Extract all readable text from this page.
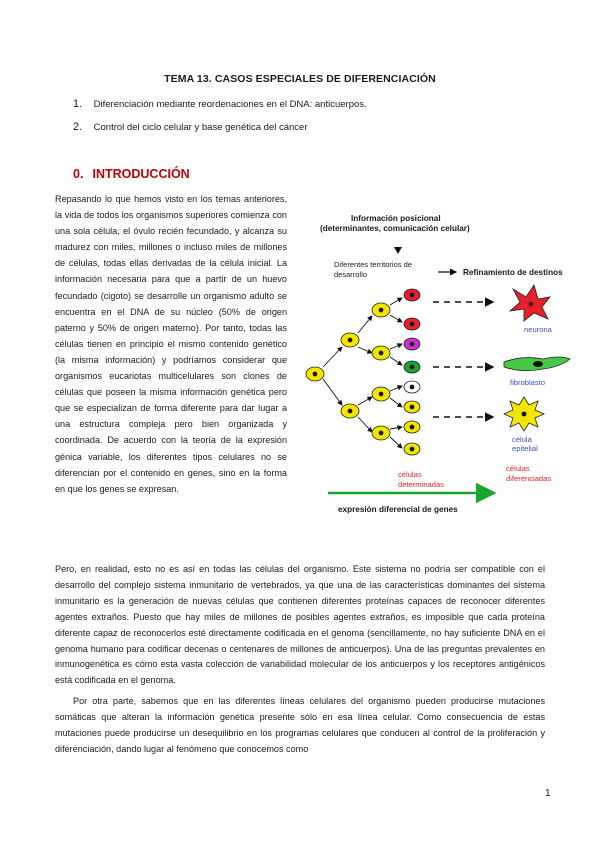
TEMA 13. CASOS ESPECIALES DE DIFERENCIACIÓN
1. Diferenciación mediante reordenaciones en el DNA: anticuerpos.
2. Control del ciclo celular y base genética del cáncer
0. INTRODUCCIÓN

Repasando lo que hemos visto en los temas anteriores, la vida de todos los organismos superiores comienza con una sola célula, el óvulo recién fecundado, y alcanza su madurez con miles, millones o incluso miles de millones de células, todas ellas derivadas de la célula inicial. La información necesaria para que a partir de un huevo fecundado (cigoto) se desarrolle un organismo adulto se encuentra en el DNA de su núcleo (50% de origen paterno y 50% de origen materno). Por tanto, todas las células tienen en principio el mismo contenido genético (la misma información) y podríamos considerar que organismos eucariotas multicelulares son clones de células que poseen la misma información genética pero que se especializan de forma diferente para dar lugar a una estructura compleja pero bien organizada y coordinada. De acuerdo con la teoría de la expresión génica variable, los diferentes tipos celulares no se diferencian por el contenido en genes, sino en la forma en que los genes se expresan.

Información posicional
(determinantes, comunicación celular)
Diferentes territorios de
desarrollo	Refinamiento de destinos
neurona
fibroblasto
célula
epitelial
células
determinadas
células
diferenciadas
expresión diferencial de genes

Pero, en realidad, esto no es así en todas las células del organismo. Este sistema no podría ser compatible con el desarrollo del complejo sistema inmunitario de vertebrados, ya que una de las características dominantes del sistema inmunitario es la generación de nuevas células que contienen diferentes proteínas capaces de reconocer diferentes agentes extraños. Puesto que hay miles de millones de posibles agentes extraños, es imposible que cada proteína diferente capaz de reconocerlos esté directamente codificada en el genoma (sencillamente, no hay suficiente DNA en el genoma humano para codificar decenas o centenares de millones de anticuerpos). Una de las preguntas prevalentes en inmunogenética es cómo esta vasta colección de variabilidad molecular de los anticuerpos y los receptores antigénicos está codificada en el genoma.

Por otra parte, sabemos que en las diferentes líneas celulares del organismo pueden producirse mutaciones somáticas que alteran la información genética presente sólo en esa línea celular. Como consecuencia de estas mutaciones puede producirse un desequilibrio en los programas celulares que conducen al control de la proliferación y diferenciación, dando lugar al fenómeno que conocemos como

1
